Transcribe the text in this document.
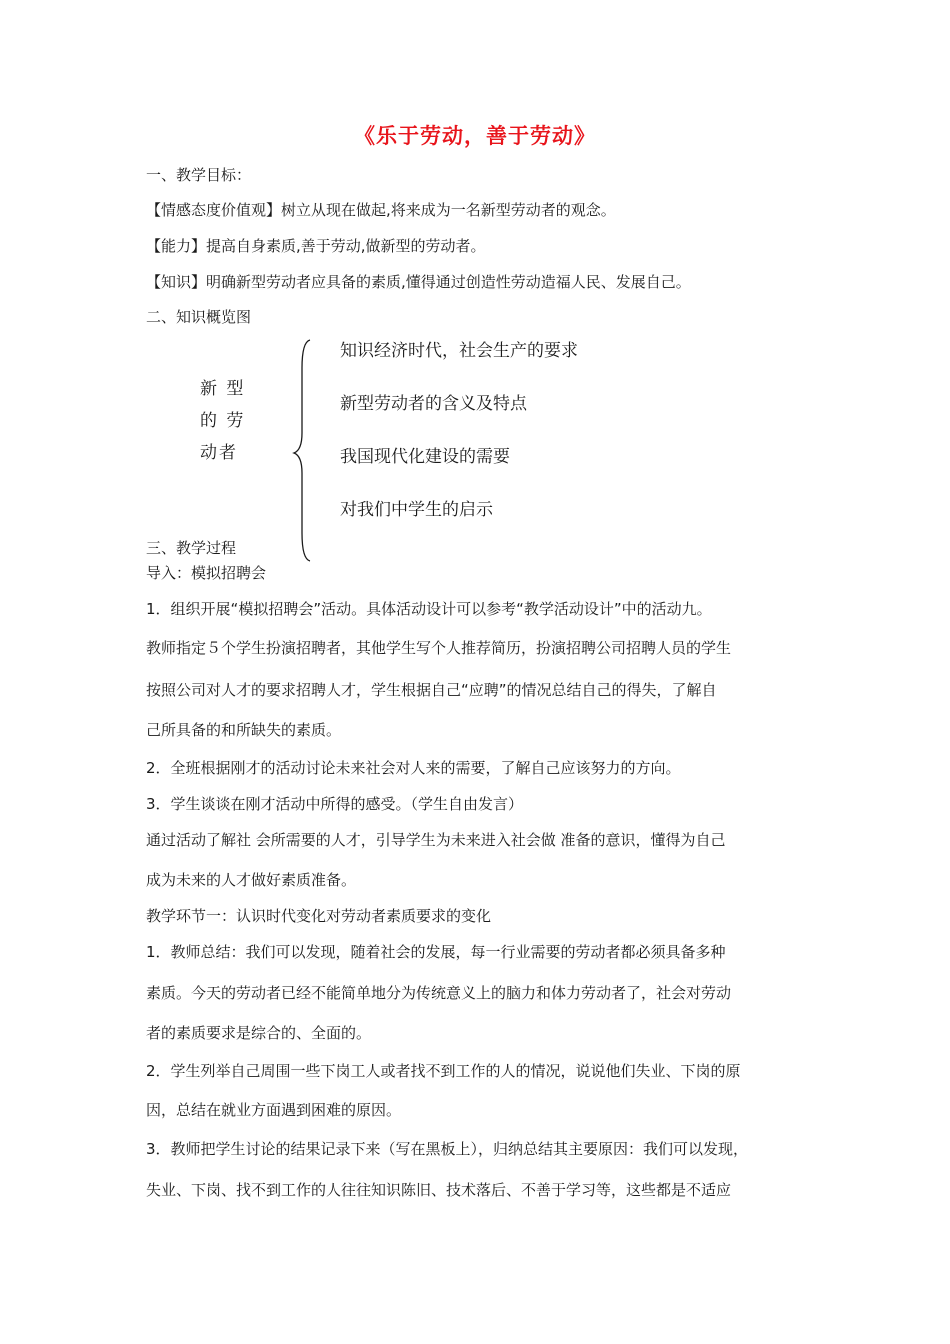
《乐于劳动，善于劳动》
一、教学目标：
【情感态度价值观】树立从现在做起,将来成为一名新型劳动者的观念。
【能力】提高自身素质,善于劳动,做新型的劳动者。
【知识】明确新型劳动者应具备的素质,懂得通过创造性劳动造福人民、发展自己。
二、知识概览图
新 型
的 劳
动者
知识经济时代，社会生产的要求
新型劳动者的含义及特点
我国现代化建设的需要
对我们中学生的启示
三、教学过程
导入：模拟招聘会
1．组织开展“模拟招聘会”活动。具体活动设计可以参考“教学活动设计”中的活动九。
教师指定５个学生扮演招聘者，其他学生写个人推荐简历，扮演招聘公司招聘人员的学生
按照公司对人才的要求招聘人才，学生根据自己“应聘”的情况总结自己的得失，了解自
己所具备的和所缺失的素质。
2．全班根据刚才的活动讨论未来社会对人来的需要，了解自己应该努力的方向。
3．学生谈谈在刚才活动中所得的感受。（学生自由发言）
通过活动了解社 会所需要的人才，引导学生为未来进入社会做 准备的意识，懂得为自己
成为未来的人才做好素质准备。
教学环节一：认识时代变化对劳动者素质要求的变化
1．教师总结：我们可以发现，随着社会的发展，每一行业需要的劳动者都必须具备多种
素质。今天的劳动者已经不能简单地分为传统意义上的脑力和体力劳动者了，社会对劳动
者的素质要求是综合的、全面的。
2．学生列举自己周围一些下岗工人或者找不到工作的人的情况，说说他们失业、下岗的原
因，总结在就业方面遇到困难的原因。
3．教师把学生讨论的结果记录下来（写在黑板上），归纳总结其主要原因：我们可以发现，
失业、下岗、找不到工作的人往往知识陈旧、技术落后、不善于学习等，这些都是不适应
